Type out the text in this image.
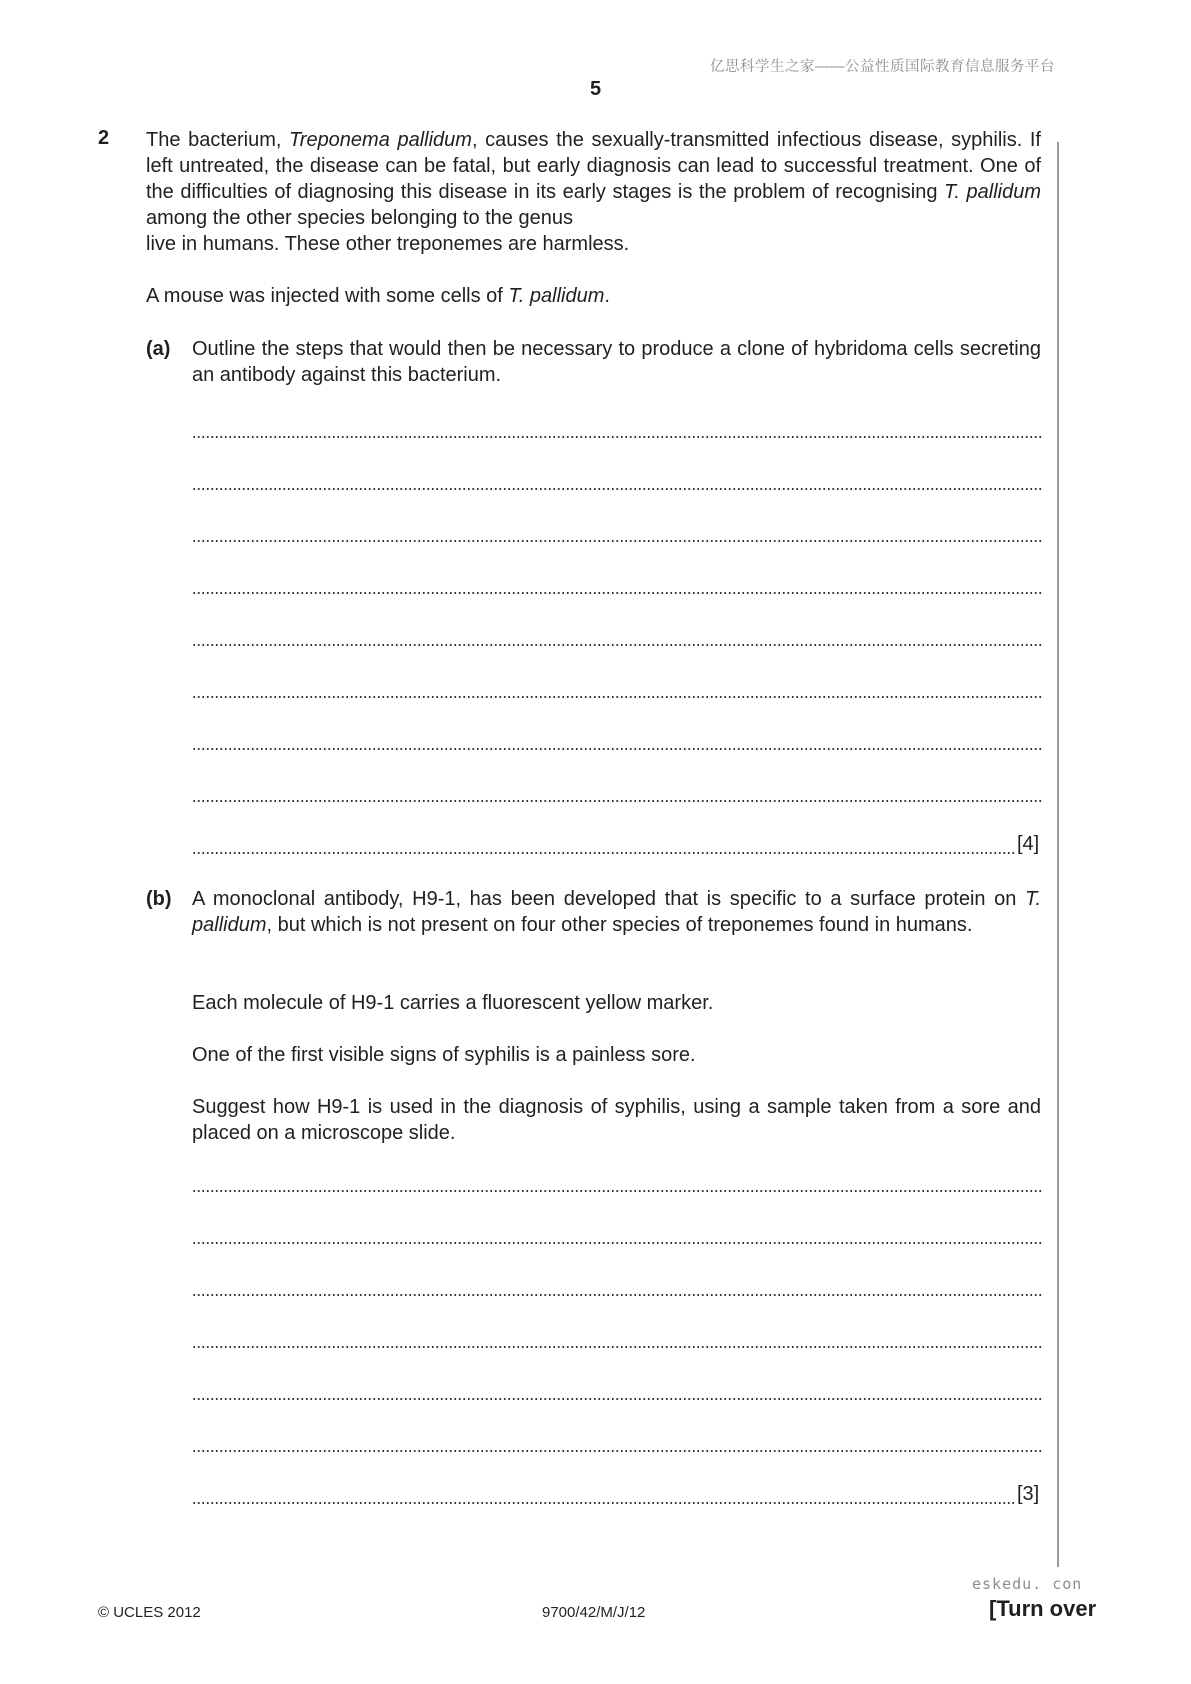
亿思科学生之家——公益性质国际教育信息服务平台
5
2 The bacterium, Treponema pallidum, causes the sexually-transmitted infectious disease, syphilis. If left untreated, the disease can be fatal, but early diagnosis can lead to successful treatment. One of the difficulties of diagnosing this disease in its early stages is the problem of recognising T. pallidum among the other species belonging to the genus
live in humans. These other treponemes are harmless.
A mouse was injected with some cells of T. pallidum.
(a) Outline the steps that would then be necessary to produce a clone of hybridoma cells secreting an antibody against this bacterium.
[4]
(b) A monoclonal antibody, H9-1, has been developed that is specific to a surface protein on T. pallidum, but which is not present on four other species of treponemes found in humans.
Each molecule of H9-1 carries a fluorescent yellow marker.
One of the first visible signs of syphilis is a painless sore.
Suggest how H9-1 is used in the diagnosis of syphilis, using a sample taken from a sore and placed on a microscope slide.
[3]
eskedu. con
© UCLES 2012	9700/42/M/J/12	[Turn over
